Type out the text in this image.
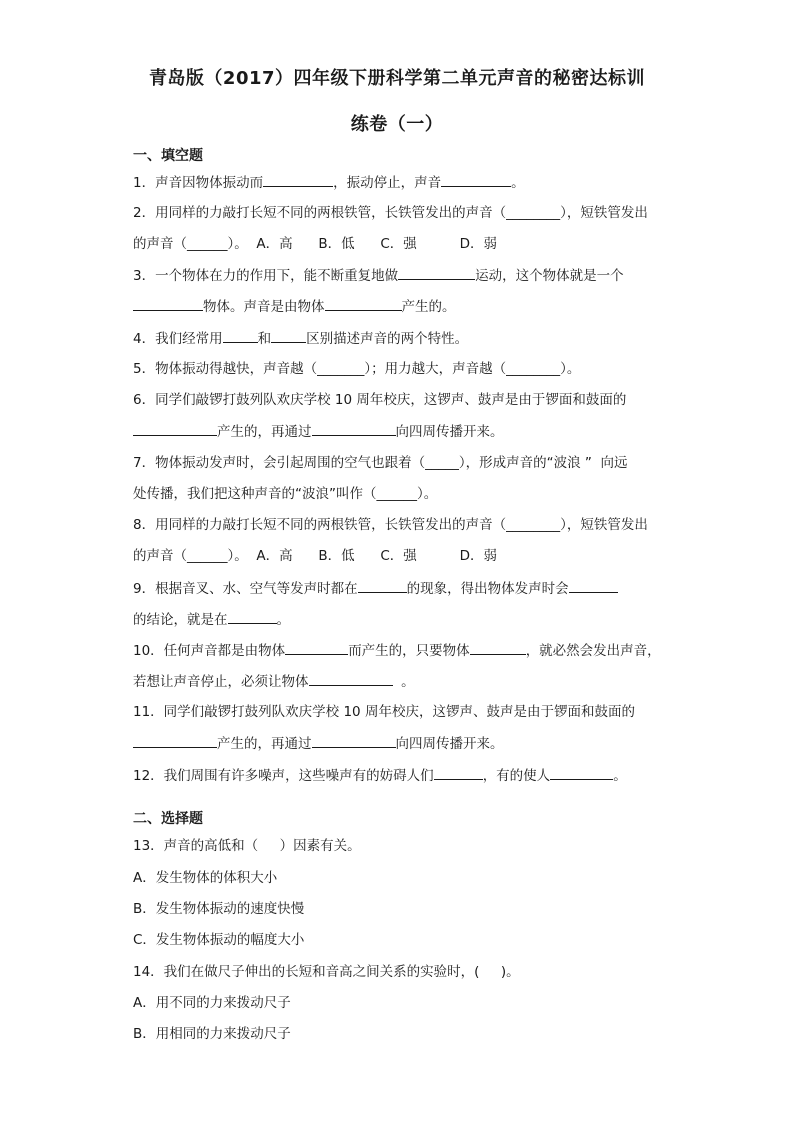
青岛版（2017）四年级下册科学第二单元声音的秘密达标训
练卷（一）
一、填空题
二、选择题
1．声音因物体振动而	，振动停止，声音	。
2．用同样的力敲打长短不同的两根铁管，长铁管发出的声音（________），短铁管发出
的声音（______）。  A．高      B．低      C．强          D．弱
3．一个物体在力的作用下，能不断重复地做	运动，这个物体就是一个
物体。声音是由物体	产生的。
4．我们经常用	和	区别描述声音的两个特性。
5．物体振动得越快，声音越（_______）；用力越大，声音越（________）。
6．同学们敲锣打鼓列队欢庆学校 10 周年校庆，这锣声、鼓声是由于锣面和鼓面的
产生的，再通过	向四周传播开来。
7．物体振动发声时，会引起周围的空气也跟着（_____），形成声音的“波浪 ”  向远
处传播，我们把这种声音的“波浪”叫作（______）。
8．用同样的力敲打长短不同的两根铁管，长铁管发出的声音（________），短铁管发出
的声音（______）。  A．高      B．低      C．强          D．弱
9．根据音叉、水、空气等发声时都在	的现象，得出物体发声时会
的结论，就是在	。
10．任何声音都是由物体	而产生的，只要物体	，就必然会发出声音，
若想让声音停止，必须让物体	。
11．同学们敲锣打鼓列队欢庆学校 10 周年校庆，这锣声、鼓声是由于锣面和鼓面的
产生的，再通过	向四周传播开来。
12．我们周围有许多噪声，这些噪声有的妨碍人们	，有的使人	。
13．声音的高低和（     ）因素有关。
A．发生物体的体积大小
B．发生物体振动的速度快慢
C．发生物体振动的幅度大小
14．我们在做尺子伸出的长短和音高之间关系的实验时，(     )。
A．用不同的力来拨动尺子
B．用相同的力来拨动尺子
